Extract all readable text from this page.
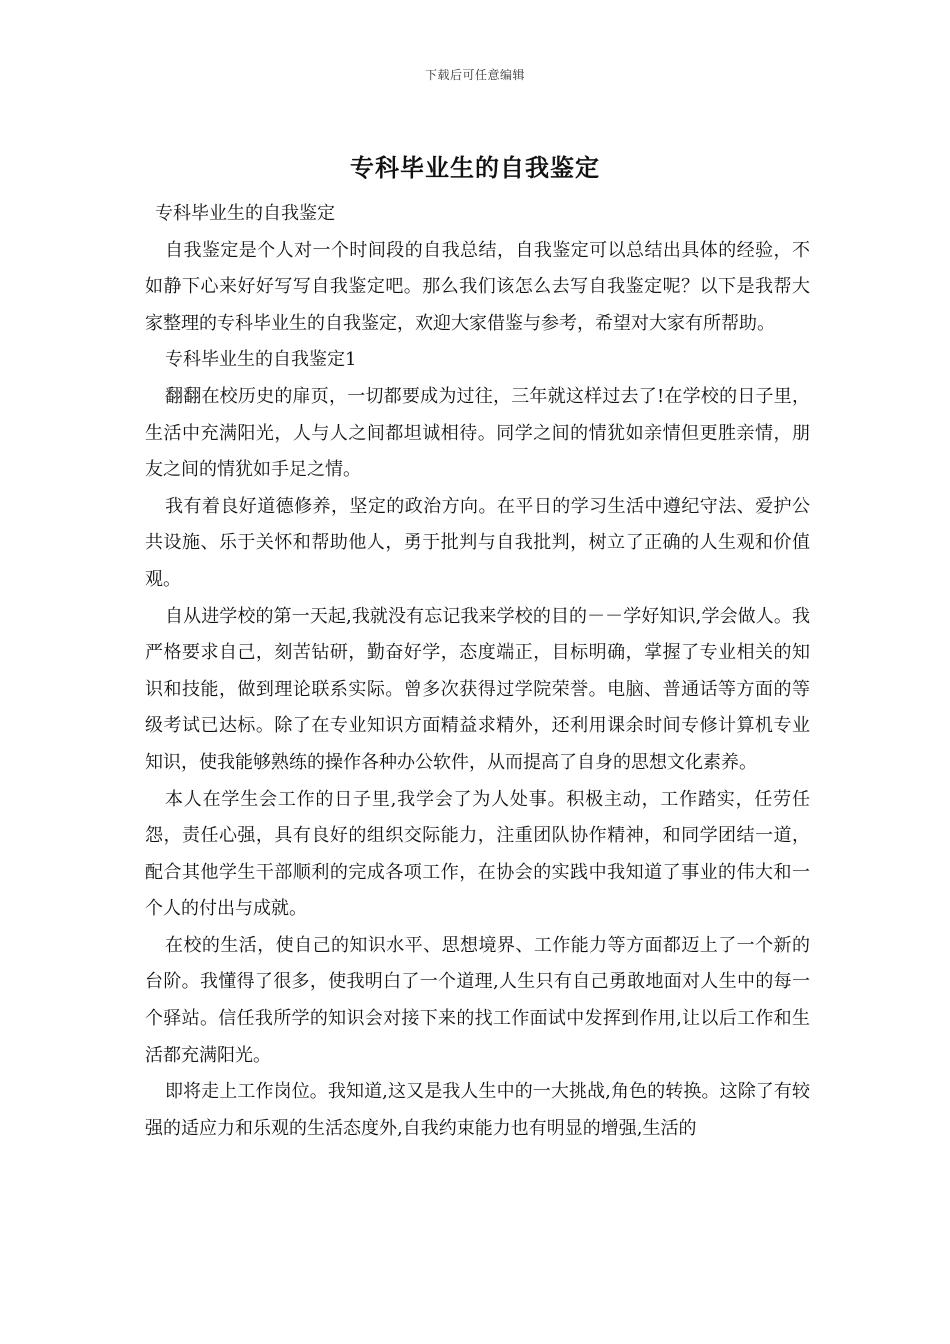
下载后可任意编辑
专科毕业生的自我鉴定

专科毕业生的自我鉴定

自我鉴定是个人对一个时间段的自我总结，自我鉴定可以总结出具体的经验，不如静下心来好好写写自我鉴定吧。那么我们该怎么去写自我鉴定呢？以下是我帮大家整理的专科毕业生的自我鉴定，欢迎大家借鉴与参考，希望对大家有所帮助。

专科毕业生的自我鉴定1

翻翻在校历史的扉页，一切都要成为过往，三年就这样过去了!在学校的日子里，生活中充满阳光，人与人之间都坦诚相待。同学之间的情犹如亲情但更胜亲情，朋友之间的情犹如手足之情。

我有着良好道德修养，坚定的政治方向。在平日的学习生活中遵纪守法、爱护公共设施、乐于关怀和帮助他人，勇于批判与自我批判，树立了正确的人生观和价值观。

自从进学校的第一天起,我就没有忘记我来学校的目的－－学好知识,学会做人。我严格要求自己，刻苦钻研，勤奋好学，态度端正，目标明确，掌握了专业相关的知识和技能，做到理论联系实际。曾多次获得过学院荣誉。电脑、普通话等方面的等级考试已达标。除了在专业知识方面精益求精外，还利用课余时间专修计算机专业知识，使我能够熟练的操作各种办公软件，从而提高了自身的思想文化素养。

本人在学生会工作的日子里,我学会了为人处事。积极主动，工作踏实，任劳任怨，责任心强，具有良好的组织交际能力，注重团队协作精神，和同学团结一道，配合其他学生干部顺利的完成各项工作，在协会的实践中我知道了事业的伟大和一个人的付出与成就。

在校的生活，使自己的知识水平、思想境界、工作能力等方面都迈上了一个新的台阶。我懂得了很多，使我明白了一个道理,人生只有自己勇敢地面对人生中的每一个驿站。信任我所学的知识会对接下来的找工作面试中发挥到作用,让以后工作和生活都充满阳光。

即将走上工作岗位。我知道,这又是我人生中的一大挑战,角色的转换。这除了有较强的适应力和乐观的生活态度外,自我约束能力也有明显的增强,生活的
